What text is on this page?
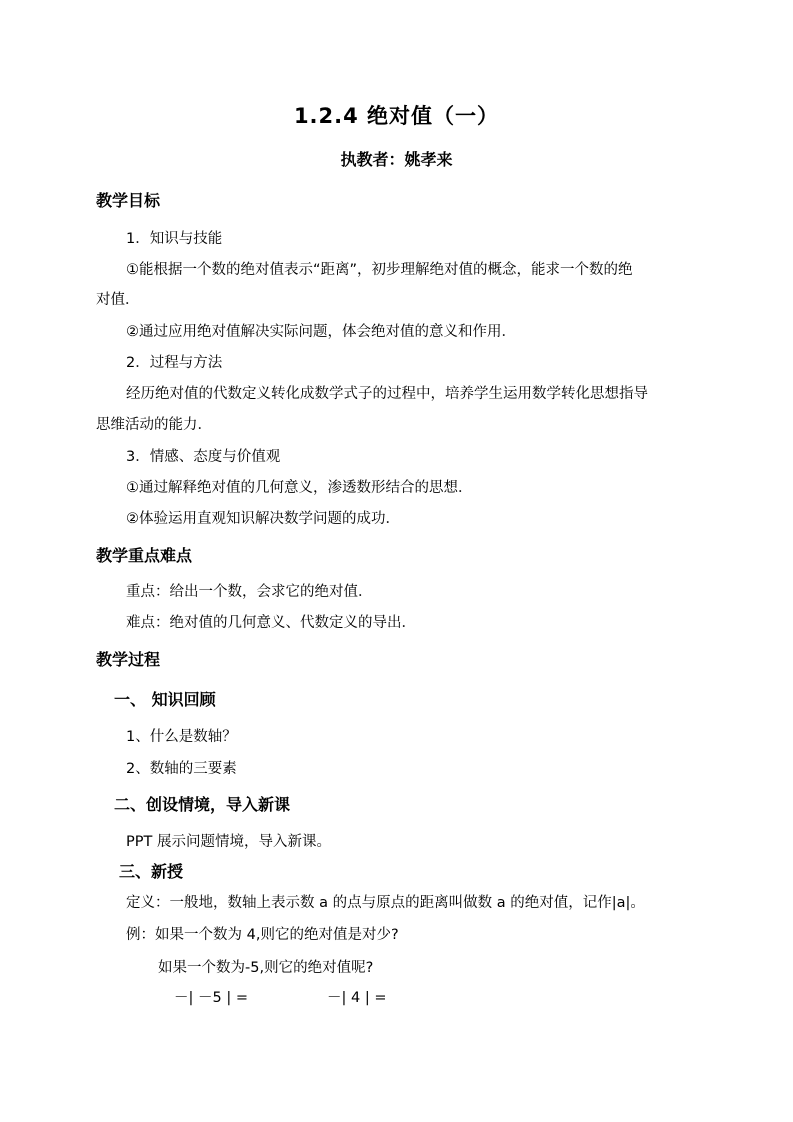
1.2.4 绝对值（一）
执教者：姚孝来
教学目标
1．知识与技能
①能根据一个数的绝对值表示“距离”，初步理解绝对值的概念，能求一个数的绝
对值．
②通过应用绝对值解决实际问题，体会绝对值的意义和作用．
2．过程与方法
经历绝对值的代数定义转化成数学式子的过程中，培养学生运用数学转化思想指导
思维活动的能力．
3．情感、态度与价值观
①通过解释绝对值的几何意义，渗透数形结合的思想．
②体验运用直观知识解决数学问题的成功．
教学重点难点
重点：给出一个数，会求它的绝对值．
难点：绝对值的几何意义、代数定义的导出．
教学过程
一、 知识回顾
1、什么是数轴？
2、数轴的三要素
二、创设情境，导入新课
PPT 展示问题情境，导入新课。
三、新授
定义：一般地，数轴上表示数 a 的点与原点的距离叫做数 a 的绝对值，记作|a|。
例：如果一个数为 4,则它的绝对值是对少?
如果一个数为-5,则它的绝对值呢?
－| －5 | =	－| 4 | =
